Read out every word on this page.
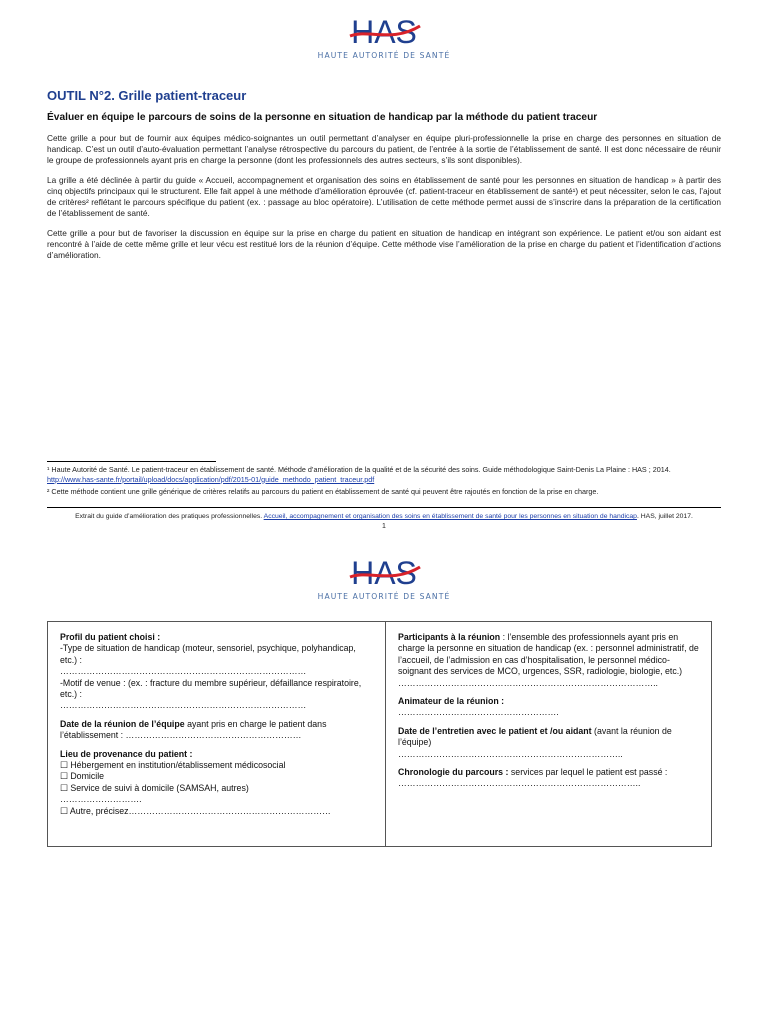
HAS
HAUTE AUTORITÉ DE SANTÉ

OUTIL N°2. Grille patient-traceur

Évaluer en équipe le parcours de soins de la personne en situation de handicap par la méthode du patient traceur

Cette grille a pour but de fournir aux équipes médico-soignantes un outil permettant d’analyser en équipe pluri-professionnelle la prise en charge des personnes en situation de handicap. C’est un outil d’auto-évaluation permettant l’analyse rétrospective du parcours du patient, de l’entrée à la sortie de l’établissement de santé. Il est donc nécessaire de réunir le groupe de professionnels ayant pris en charge la personne (dont les professionnels des autres secteurs, s’ils sont disponibles).

La grille a été déclinée à partir du guide « Accueil, accompagnement et organisation des soins en établissement de santé pour les personnes en situation de handicap » à partir des cinq objectifs principaux qui le structurent. Elle fait appel à une méthode d’amélioration éprouvée (cf. patient-traceur en établissement de santé¹) et peut nécessiter, selon le cas, l’ajout de critères² reflétant le parcours spécifique du patient (ex. : passage au bloc opératoire). L’utilisation de cette méthode permet aussi de s’inscrire dans la préparation de la certification de l’établissement de santé.

Cette grille a pour but de favoriser la discussion en équipe sur la prise en charge du patient en situation de handicap en intégrant son expérience. Le patient et/ou son aidant est rencontré à l’aide de cette même grille et leur vécu est restitué lors de la réunion d’équipe. Cette méthode vise l’amélioration de la prise en charge du patient et l’identification d’actions d’amélioration.

¹ Haute Autorité de Santé. Le patient-traceur en établissement de santé. Méthode d’amélioration de la qualité et de la sécurité des soins. Guide méthodologique Saint-Denis La Plaine : HAS ; 2014. http://www.has-sante.fr/portail/upload/docs/application/pdf/2015-01/guide_methodo_patient_traceur.pdf

² Cette méthode contient une grille générique de critères relatifs au parcours du patient en établissement de santé qui peuvent être rajoutés en fonction de la prise en charge.

Extrait du guide d’amélioration des pratiques professionnelles. Accueil, accompagnement et organisation des soins en établissement de santé pour les personnes en situation de handicap. HAS, juillet 2017.
1
HAS
HAUTE AUTORITÉ DE SANTÉ
Profil du patient choisi :
-Type de situation de handicap (moteur, sensoriel, psychique, polyhandicap, etc.) :
…………………………………………………………………………
-Motif de venue : (ex. : fracture du membre supérieur, défaillance respiratoire, etc.) :
…………………………………………………………………………
Date de la réunion de l’équipe ayant pris en charge le patient dans l’établissement : ……………………………………………………
Lieu de provenance du patient :
☐ Hébergement en institution/établissement médicosocial
☐ Domicile
☐ Service de suivi à domicile (SAMSAH, autres)
……………………….
☐ Autre, précisez……………………………………………………………
Participants à la réunion : l’ensemble des professionnels ayant pris en charge la personne en situation de handicap (ex. : personnel administratif, de l’accueil, de l’admission en cas d’hospitalisation, le personnel médico-soignant des services de MCO, urgences, SSR, radiologie, biologie, etc.)
……………………………………………………………………………..
Animateur de la réunion :
……………………………………………….
Date de l’entretien avec le patient et /ou aidant (avant la réunion de l’équipe)
…………………………………………………………………..
Chronologie du parcours : services par lequel le patient est passé :
………………………………………………………………………..
